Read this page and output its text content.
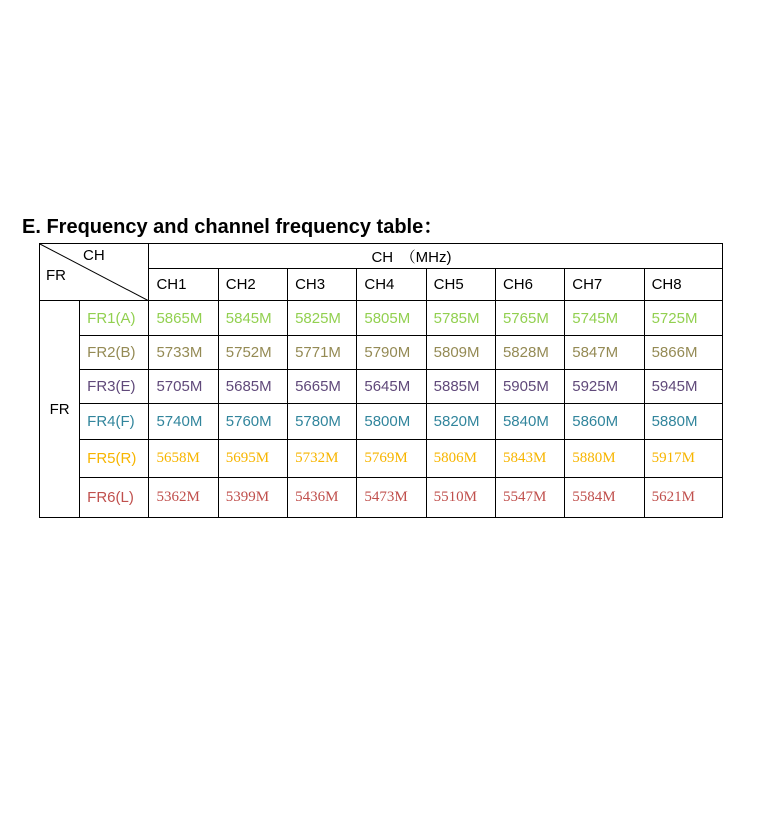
E. Frequency and channel frequency table：
CH
FR		CH　（MHz)							
		CH1	CH2	CH3	CH4	CH5	CH6	CH7	CH8
FR	FR1(A)	5865M	5845M	5825M	5805M	5785M	5765M	5745M	5725M
	FR2(B)	5733M	5752M	5771M	5790M	5809M	5828M	5847M	5866M
	FR3(E)	5705M	5685M	5665M	5645M	5885M	5905M	5925M	5945M
	FR4(F)	5740M	5760M	5780M	5800M	5820M	5840M	5860M	5880M
	FR5(R)	5658M	5695M	5732M	5769M	5806M	5843M	5880M	5917M
	FR6(L)	5362M	5399M	5436M	5473M	5510M	5547M	5584M	5621M
